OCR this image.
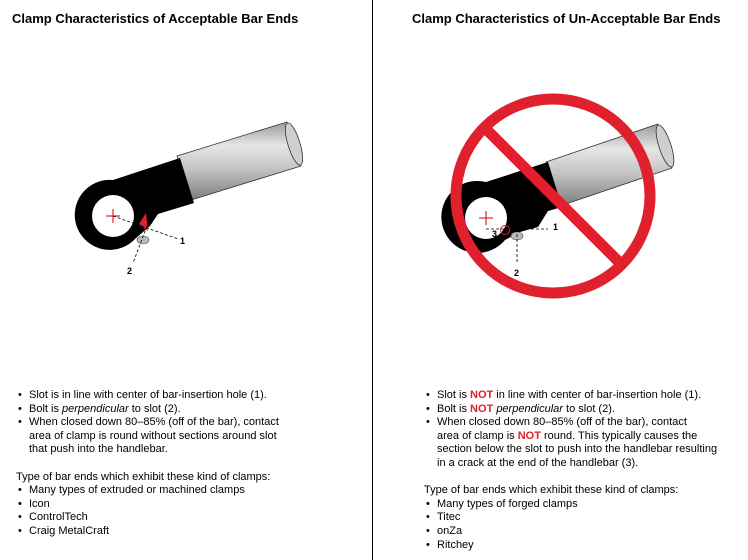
Clamp Characteristics of Acceptable Bar Ends
1
2
• Slot is in line with center of bar-insertion hole (1).
• Bolt is perpendicular to slot (2).
• When closed down 80–85% (off of the bar), contact
area of clamp is round without sections around slot
that push into the handlebar.
Type of bar ends which exhibit these kind of clamps:
• Many types of extruded or machined clamps
• Icon
• ControlTech
• Craig MetalCraft
Clamp Characteristics of Un-Acceptable Bar Ends
1
2
3
• Slot is NOT in line with center of bar-insertion hole (1).
• Bolt is NOT perpendicular to slot (2).
• When closed down 80–85% (off of the bar), contact
area of clamp is NOT round. This typically causes the
section below the slot to push into the handlebar resulting
in a crack at the end of the handlebar (3).
Type of bar ends which exhibit these kind of clamps:
• Many types of forged clamps
• Titec
• onZa
• Ritchey
